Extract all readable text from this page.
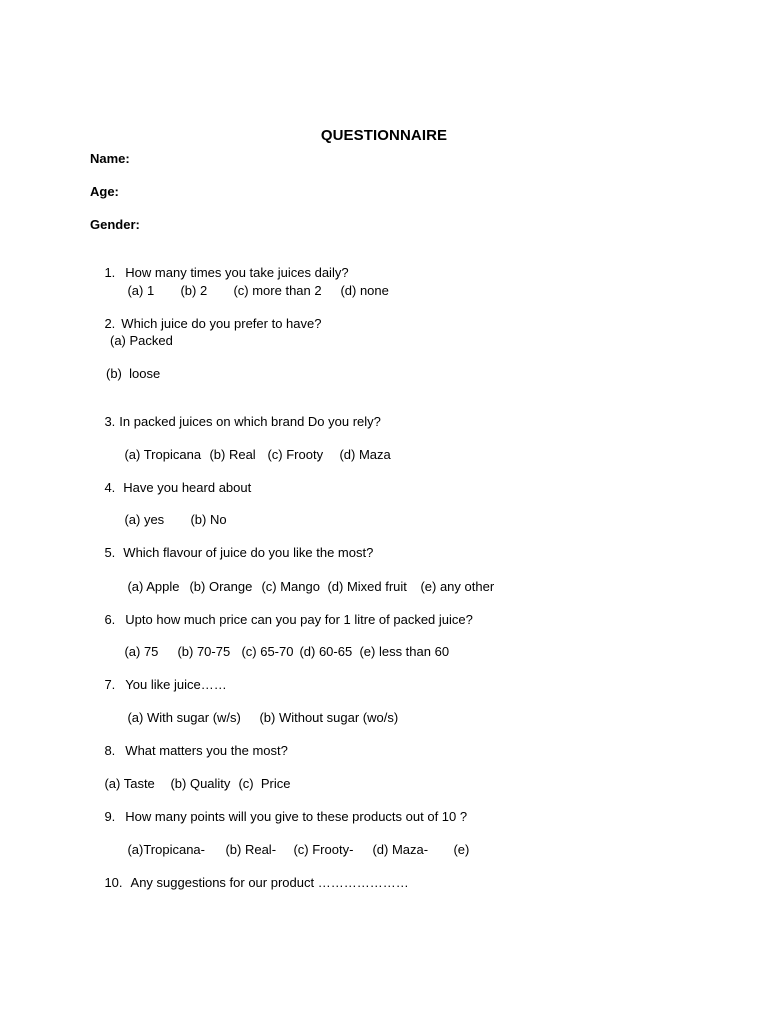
QUESTIONNAIRE
Name:
Age:
Gender:

1. How many times you take juices daily?

(a) 1 (b) 2 (c) more than 2 (d) none

2. Which juice do you prefer to have?

(a) Packed
(b)  loose

3. In packed juices on which brand Do you rely?

(a) Tropicana (b) Real (c) Frooty (d) Maza

4. Have you heard about

(a) yes (b) No

5. Which flavour of juice do you like the most?

(a) Apple (b) Orange (c) Mango (d) Mixed fruit (e) any other

6. Upto how much price can you pay for 1 litre of packed juice?

(a) 75 (b) 70-75 (c) 65-70 (d) 60-65 (e) less than 60

7. You like juice……

(a) With sugar (w/s) (b) Without sugar (wo/s)

8. What matters you the most?

(a) Taste (b) Quality (c)  Price

9. How many points will you give to these products out of 10 ?

(a)Tropicana- (b) Real- (c) Frooty- (d) Maza- (e)

10. Any suggestions for our product …………………
